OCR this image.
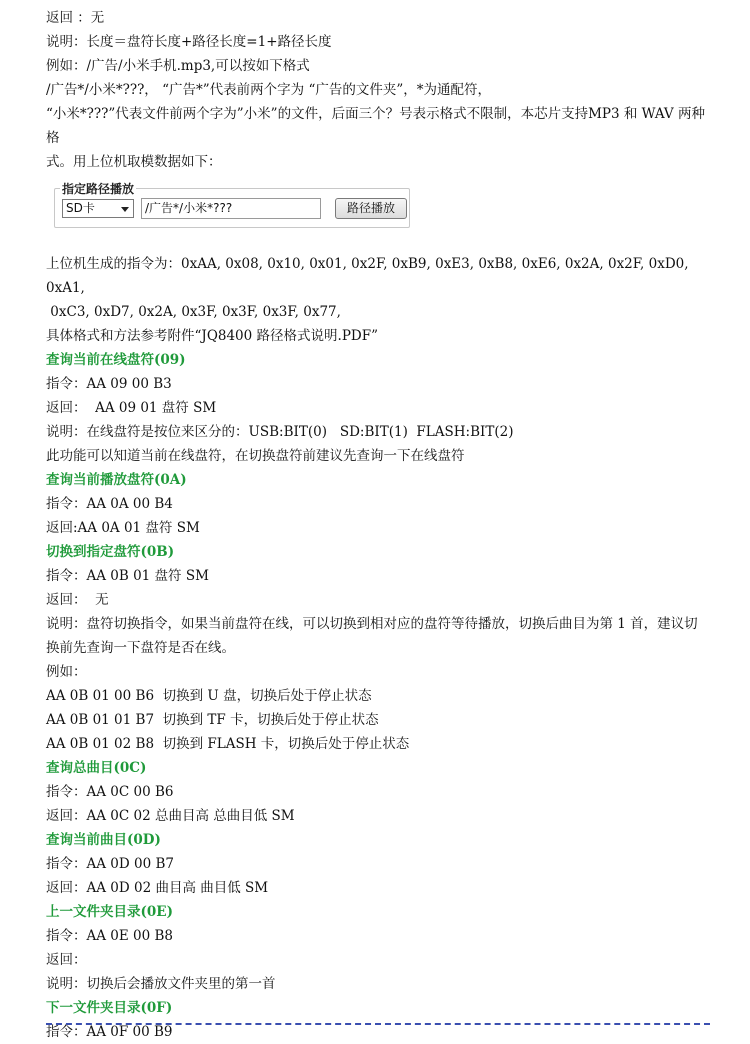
返回 ：无

说明：长度＝盘符长度+路径长度=1+路径长度

例如：/广告/小米手机.mp3,可以按如下格式

/广告*/小米*???， “广告*”代表前两个字为 “广告的文件夹”，*为通配符，

“小米*???”代表文件前两个字为”小米”的文件，后面三个？号表示格式不限制，本芯片支持MP3 和 WAV 两种格

式。用上位机取模数据如下：

指定路径播放
SD卡	/广告*/小米*???	路径播放

上位机生成的指令为：0xAA, 0x08, 0x10, 0x01, 0x2F, 0xB9, 0xE3, 0xB8, 0xE6, 0x2A, 0x2F, 0xD0, 0xA1,

0xC3, 0xD7, 0x2A, 0x3F, 0x3F, 0x3F, 0x77,

具体格式和方法参考附件“JQ8400 路径格式说明.PDF”

查询当前在线盘符(09)

指令：AA 09 00 B3

返回：  AA 09 01 盘符 SM

说明：在线盘符是按位来区分的：USB:BIT(0)   SD:BIT(1)  FLASH:BIT(2)

此功能可以知道当前在线盘符，在切换盘符前建议先查询一下在线盘符

查询当前播放盘符(0A)

指令：AA 0A 00 B4

返回:AA 0A 01 盘符 SM

切换到指定盘符(0B)

指令：AA 0B 01 盘符 SM

返回：  无

说明：盘符切换指令，如果当前盘符在线，可以切换到相对应的盘符等待播放，切换后曲目为第 1 首，建议切

换前先查询一下盘符是否在线。

例如：

AA 0B 01 00 B6  切换到 U 盘，切换后处于停止状态

AA 0B 01 01 B7  切换到 TF 卡，切换后处于停止状态

AA 0B 01 02 B8  切换到 FLASH 卡，切换后处于停止状态

查询总曲目(0C)

指令：AA 0C 00 B6

返回：AA 0C 02 总曲目高 总曲目低 SM

查询当前曲目(0D)

指令：AA 0D 00 B7

返回：AA 0D 02 曲目高 曲目低 SM

上一文件夹目录(0E)

指令：AA 0E 00 B8

返回：

说明：切换后会播放文件夹里的第一首

下一文件夹目录(0F)

指令：AA 0F 00 B9
